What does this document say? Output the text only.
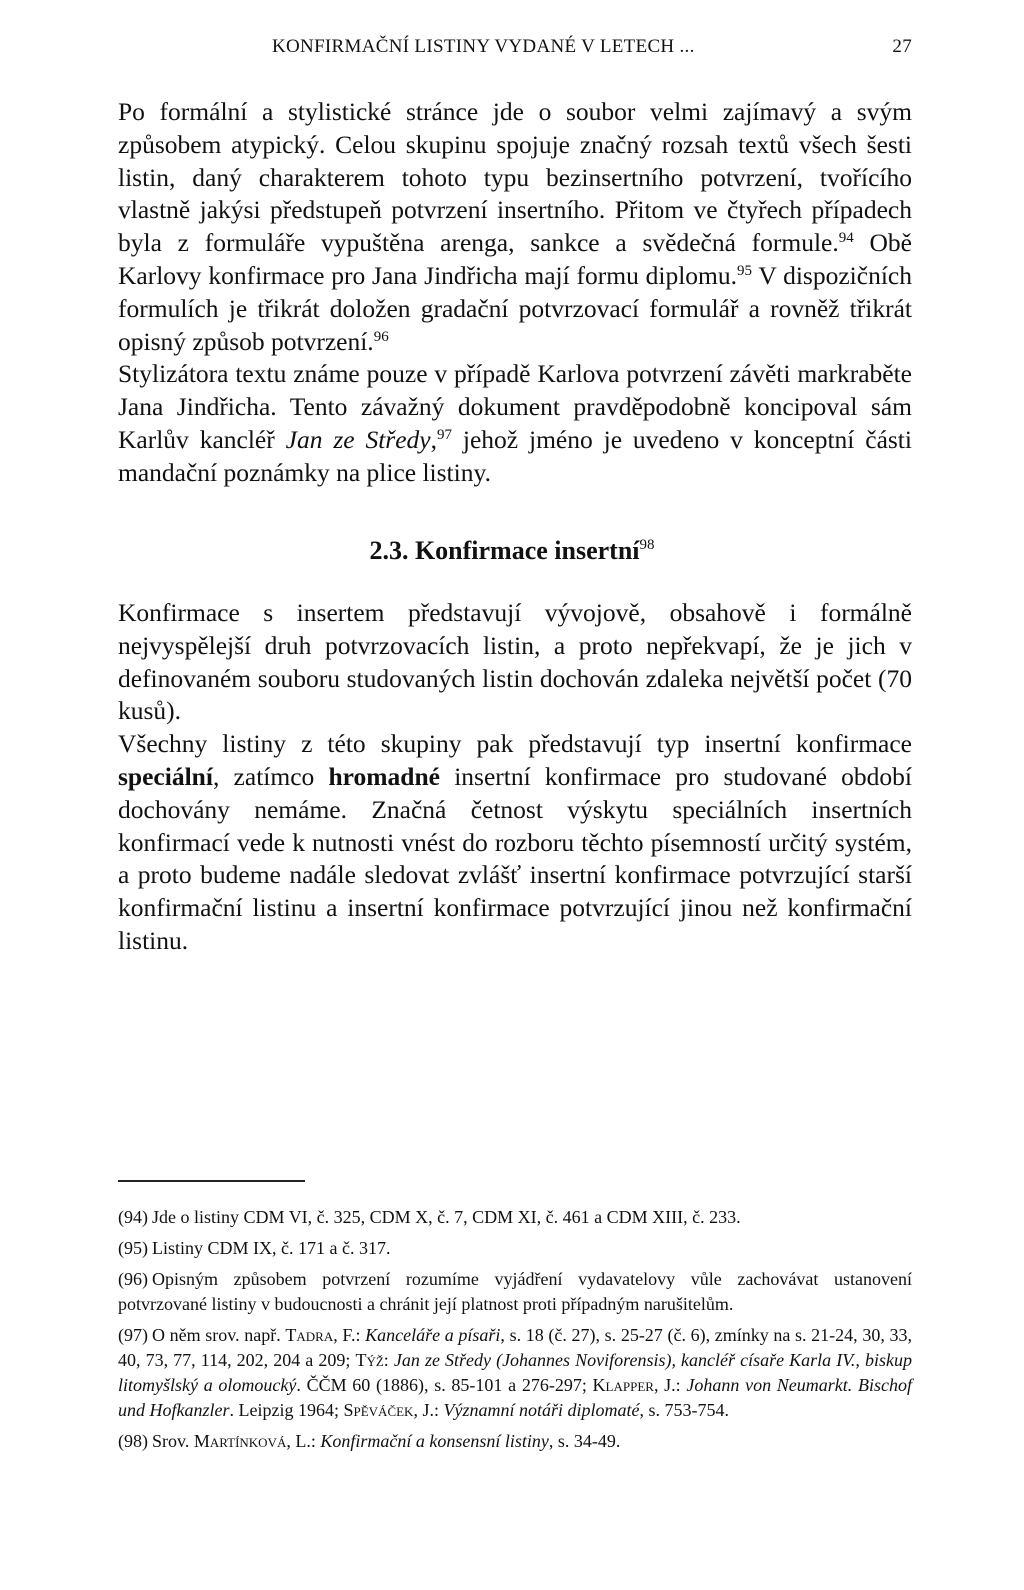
KONFIRMAČNÍ LISTINY VYDANÉ V LETECH ...	27

Po formální a stylistické stránce jde o soubor velmi zajímavý a svým způsobem atypický. Celou skupinu spojuje značný rozsah textů všech šesti listin, daný charakterem tohoto typu bezinsertního potvrzení, tvořícího vlastně jakýsi předstupeň potvrzení insertního. Přitom ve čtyřech případech byla z formuláře vypuštěna arenga, sankce a svědečná formule.$^{94}$ Obě Karlovy konfirmace pro Jana Jindřicha mají formu diplomu.$^{95}$ V dispozičních formulích je třikrát doložen gradační potvrzovací formulář a rovněž třikrát opisný způsob potvrzení.$^{96}$

Stylizátora textu známe pouze v případě Karlova potvrzení závěti markraběte Jana Jindřicha. Tento závažný dokument pravděpodobně koncipoval sám Karlův kancléř Jan ze Středy,$^{97}$ jehož jméno je uvedeno v konceptní části mandační poznámky na plice listiny.

2.3. Konfirmace insertní$^{98}$

Konfirmace s insertem představují vývojově, obsahově i formálně nejvyspělejší druh potvrzovacích listin, a proto nepřekvapí, že je jich v definovaném souboru studovaných listin dochován zdaleka největší počet (70 kusů).

Všechny listiny z této skupiny pak představují typ insertní konfirmace speciální, zatímco hromadné insertní konfirmace pro studované období dochovány nemáme. Značná četnost výskytu speciálních insertních konfirmací vede k nutnosti vnést do rozboru těchto písemností určitý systém, a proto budeme nadále sledovat zvlášť insertní konfirmace potvrzující starší konfirmační listinu a insertní konfirmace potvrzující jinou než konfirmační listinu.

(94) Jde o listiny CDM VI, č. 325, CDM X, č. 7, CDM XI, č. 461 a CDM XIII, č. 233.

(95) Listiny CDM IX, č. 171 a č. 317.

(96) Opisným způsobem potvrzení rozumíme vyjádření vydavatelovy vůle zachovávat ustanovení potvrzované listiny v budoucnosti a chránit její platnost proti případným narušitelům.

(97) O něm srov. např. Tadra, F.: Kanceláře a písaři, s. 18 (č. 27), s. 25-27 (č. 6), zmínky na s. 21-24, 30, 33, 40, 73, 77, 114, 202, 204 a 209; Týž: Jan ze Středy (Johannes Noviforensis), kancléř císaře Karla IV., biskup litomyšlský a olomoucký. ČČM 60 (1886), s. 85-101 a 276-297; Klapper, J.: Johann von Neumarkt. Bischof und Hofkanzler. Leipzig 1964; Spěváček, J.: Významní notáři diplomaté, s. 753-754.

(98) Srov. Martínková, L.: Konfirmační a konsensní listiny, s. 34-49.
